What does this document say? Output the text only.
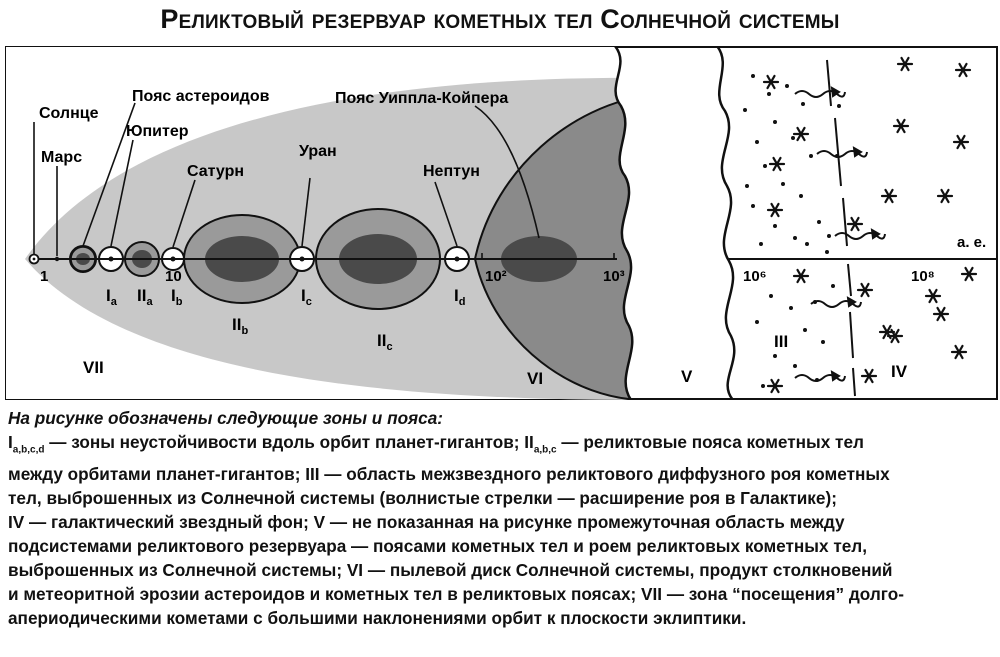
Реликтовый резервуар кометных тел Солнечной системы
Солнце
Марс
Пояс астероидов
Юпитер
Сатурн
Уран
Нептун
Пояс Уиппла-Койпера
а. е.
1	10	10²	10³	10⁶	10⁸
$I_a$ $II_a$ $I_b$
$II_b$
$I_c$
$II_c$
$I_d$
VII
VI	V
III
IV

На рисунке обозначены следующие зоны и пояса:

$I_{a,b,c,d}$ — зоны неустойчивости вдоль орбит планет-гигантов; $II_{a,b,c}$ — реликтовые пояса кометных тел

между орбитами планет-гигантов; III — область межзвездного реликтового диффузного роя кометных

тел, выброшенных из Солнечной системы (волнистые стрелки — расширение роя в Галактике);

IV — галактический звездный фон; V — не показанная на рисунке промежуточная область между

подсистемами реликтового резервуара — поясами кометных тел и роем реликтовых кометных тел,

выброшенных из Солнечной системы; VI — пылевой диск Солнечной системы, продукт столкновений

и метеоритной эрозии астероидов и кометных тел в реликтовых поясах; VII — зона “посещения” долго-

апериодическими кометами с большими наклонениями орбит к плоскости эклиптики.
